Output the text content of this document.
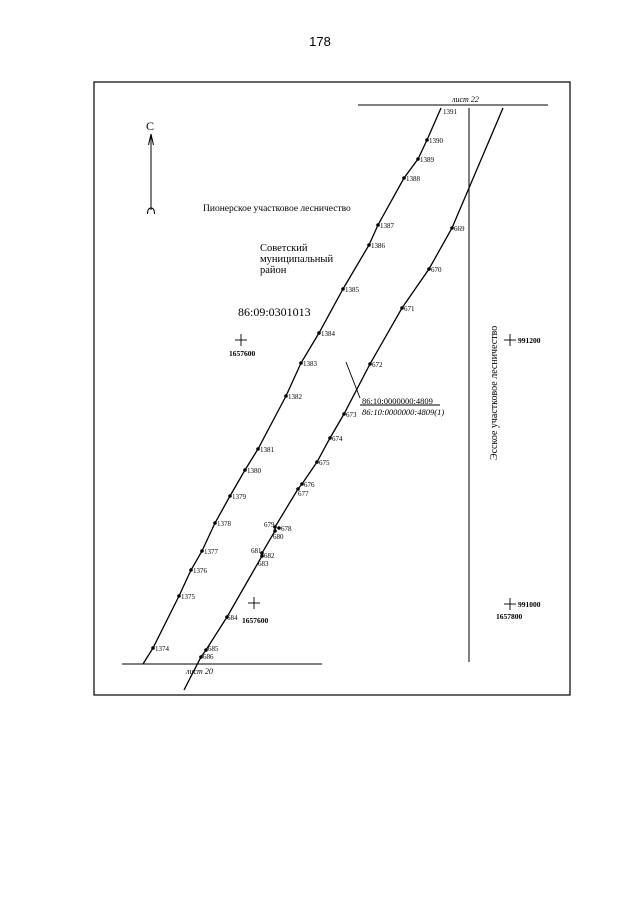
178
лист 22
лист 20
С
1391
1390
1389
1388
1387
1386
1385
1384
1383
1382
1381
1380
1379
1378
1377
1376
1375
1374
669
670
671
672
673
674
675
676
677
679 678
680
681
682
683
684
685
686
1657600
991200
1657600
991000
1657800
Пионерское участковое лесничество
Советский
муниципальный
район
86:09:0301013
86:10:0000000:4809
86:10:0000000:4809(1)	Эсское участковое лесничество
